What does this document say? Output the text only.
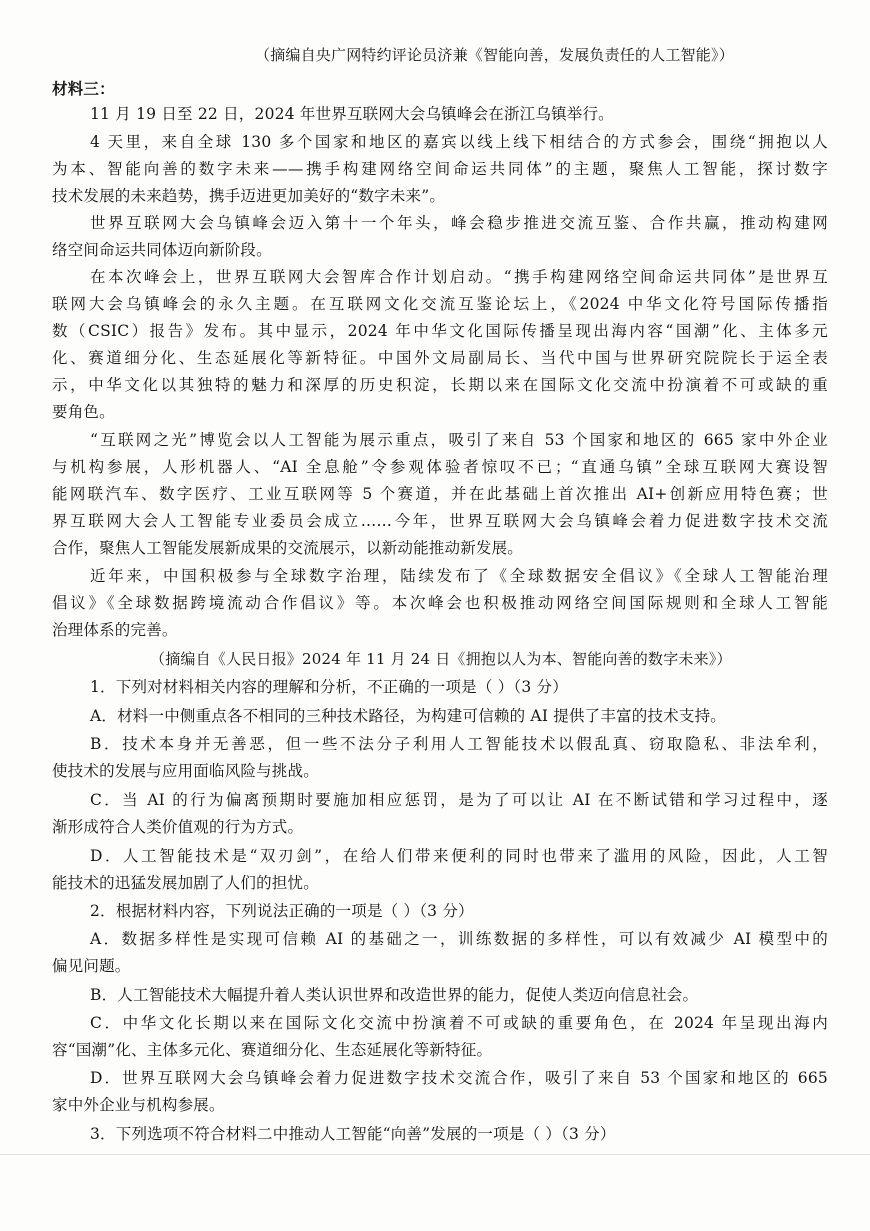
（摘编自央广网特约评论员济兼《智能向善，发展负责任的人工智能》）
材料三：
11 月 19 日至 22 日，2024 年世界互联网大会乌镇峰会在浙江乌镇举行。
4 天里，来自全球 130 多个国家和地区的嘉宾以线上线下相结合的方式参会，围绕“拥抱以人
为本、智能向善的数字未来——携手构建网络空间命运共同体”的主题，聚焦人工智能，探讨数字
技术发展的未来趋势，携手迈进更加美好的“数字未来”。
世界互联网大会乌镇峰会迈入第十一个年头，峰会稳步推进交流互鉴、合作共赢，推动构建网
络空间命运共同体迈向新阶段。
在本次峰会上，世界互联网大会智库合作计划启动。“携手构建网络空间命运共同体”是世界互
联网大会乌镇峰会的永久主题。在互联网文化交流互鉴论坛上，《2024 中华文化符号国际传播指
数（CSIC）报告》发布。其中显示，2024 年中华文化国际传播呈现出海内容“国潮”化、主体多元
化、赛道细分化、生态延展化等新特征。中国外文局副局长、当代中国与世界研究院院长于运全表
示，中华文化以其独特的魅力和深厚的历史积淀，长期以来在国际文化交流中扮演着不可或缺的重
要角色。
“互联网之光”博览会以人工智能为展示重点，吸引了来自 53 个国家和地区的 665 家中外企业
与机构参展，人形机器人、“AI 全息舱”令参观体验者惊叹不已；“直通乌镇”全球互联网大赛设智
能网联汽车、数字医疗、工业互联网等 5 个赛道，并在此基础上首次推出 AI+创新应用特色赛；世
界互联网大会人工智能专业委员会成立……今年，世界互联网大会乌镇峰会着力促进数字技术交流
合作，聚焦人工智能发展新成果的交流展示，以新动能推动新发展。
近年来，中国积极参与全球数字治理，陆续发布了《全球数据安全倡议》《全球人工智能治理
倡议》《全球数据跨境流动合作倡议》等。本次峰会也积极推动网络空间国际规则和全球人工智能
治理体系的完善。
（摘编自《人民日报》2024 年 11 月 24 日《拥抱以人为本、智能向善的数字未来》）
1．下列对材料相关内容的理解和分析，不正确的一项是（ ）（3 分）
A．材料一中侧重点各不相同的三种技术路径，为构建可信赖的 AI 提供了丰富的技术支持。
B．技术本身并无善恶，但一些不法分子利用人工智能技术以假乱真、窃取隐私、非法牟利，
使技术的发展与应用面临风险与挑战。
C．当 AI 的行为偏离预期时要施加相应惩罚，是为了可以让 AI 在不断试错和学习过程中，逐
渐形成符合人类价值观的行为方式。
D．人工智能技术是“双刃剑”，在给人们带来便利的同时也带来了滥用的风险，因此，人工智
能技术的迅猛发展加剧了人们的担忧。
2．根据材料内容，下列说法正确的一项是（ ）（3 分）
A．数据多样性是实现可信赖 AI 的基础之一，训练数据的多样性，可以有效减少 AI 模型中的
偏见问题。
B．人工智能技术大幅提升着人类认识世界和改造世界的能力，促使人类迈向信息社会。
C．中华文化长期以来在国际文化交流中扮演着不可或缺的重要角色，在 2024 年呈现出海内
容“国潮”化、主体多元化、赛道细分化、生态延展化等新特征。
D．世界互联网大会乌镇峰会着力促进数字技术交流合作，吸引了来自 53 个国家和地区的 665
家中外企业与机构参展。
3．下列选项不符合材料二中推动人工智能“向善”发展的一项是（ ）（3 分）
